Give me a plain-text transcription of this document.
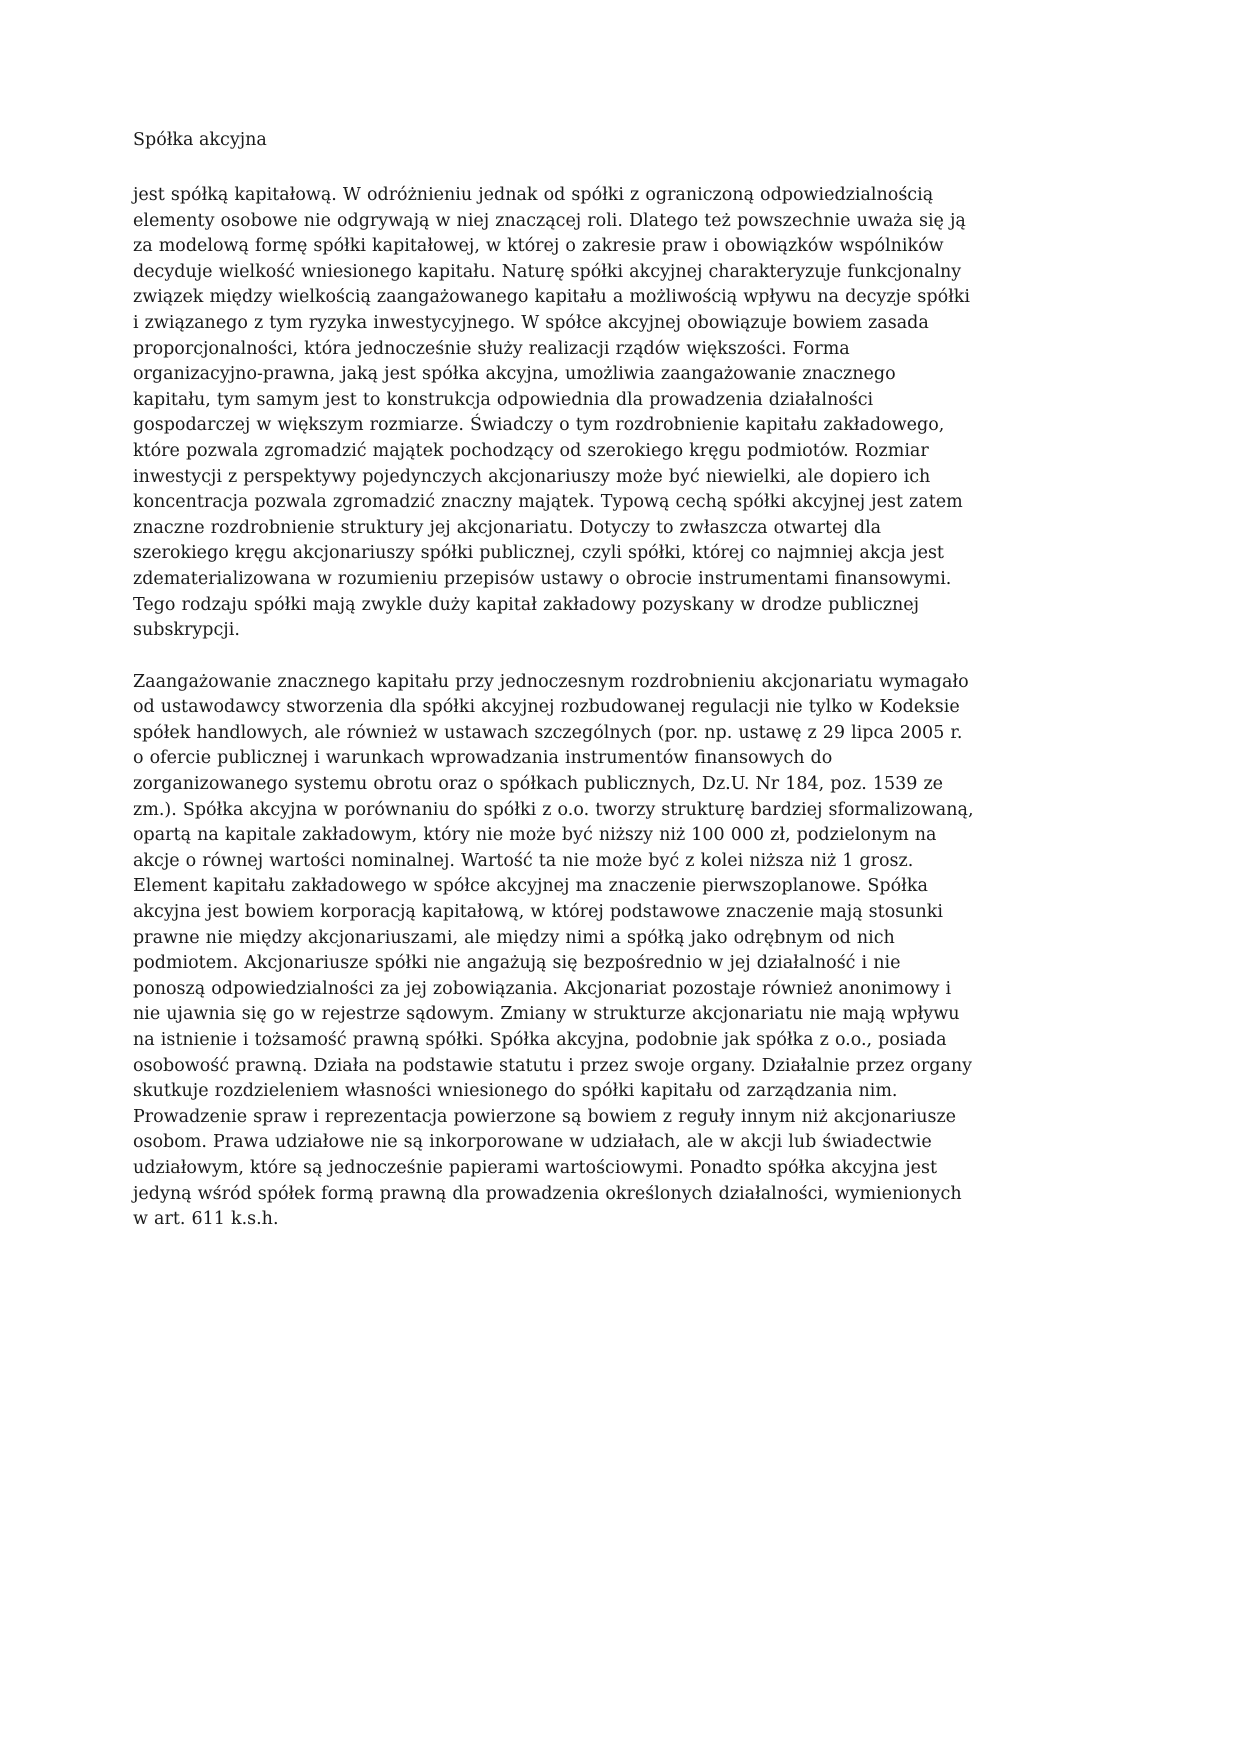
Spółka akcyjna

jest spółką kapitałową. W odróżnieniu jednak od spółki z ograniczoną odpowiedzialnością elementy osobowe nie odgrywają w niej znaczącej roli. Dlatego też powszechnie uważa się ją za modelową formę spółki kapitałowej, w której o zakresie praw i obowiązków wspólników decyduje wielkość wniesionego kapitału. Naturę spółki akcyjnej charakteryzuje funkcjonalny związek między wielkością zaangażowanego kapitału a możliwością wpływu na decyzje spółki i związanego z tym ryzyka inwestycyjnego. W spółce akcyjnej obowiązuje bowiem zasada proporcjonalności, która jednocześnie służy realizacji rządów większości. Forma organizacyjno-prawna, jaką jest spółka akcyjna, umożliwia zaangażowanie znacznego kapitału, tym samym jest to konstrukcja odpowiednia dla prowadzenia działalności gospodarczej w większym rozmiarze. Świadczy o tym rozdrobnienie kapitału zakładowego, które pozwala zgromadzić majątek pochodzący od szerokiego kręgu podmiotów. Rozmiar inwestycji z perspektywy pojedynczych akcjonariuszy może być niewielki, ale dopiero ich koncentracja pozwala zgromadzić znaczny majątek. Typową cechą spółki akcyjnej jest zatem znaczne rozdrobnienie struktury jej akcjonariatu. Dotyczy to zwłaszcza otwartej dla szerokiego kręgu akcjonariuszy spółki publicznej, czyli spółki, której co najmniej akcja jest zdematerializowana w rozumieniu przepisów ustawy o obrocie instrumentami finansowymi. Tego rodzaju spółki mają zwykle duży kapitał zakładowy pozyskany w drodze publicznej subskrypcji.

Zaangażowanie znacznego kapitału przy jednoczesnym rozdrobnieniu akcjonariatu wymagało od ustawodawcy stworzenia dla spółki akcyjnej rozbudowanej regulacji nie tylko w Kodeksie spółek handlowych, ale również w ustawach szczególnych (por. np. ustawę z 29 lipca 2005 r. o ofercie publicznej i warunkach wprowadzania instrumentów finansowych do zorganizowanego systemu obrotu oraz o spółkach publicznych, Dz.U. Nr 184, poz. 1539 ze zm.). Spółka akcyjna w porównaniu do spółki z o.o. tworzy strukturę bardziej sformalizowaną, opartą na kapitale zakładowym, który nie może być niższy niż 100 000 zł, podzielonym na akcje o równej wartości nominalnej. Wartość ta nie może być z kolei niższa niż 1 grosz. Element kapitału zakładowego w spółce akcyjnej ma znaczenie pierwszoplanowe. Spółka akcyjna jest bowiem korporacją kapitałową, w której podstawowe znaczenie mają stosunki prawne nie między akcjonariuszami, ale między nimi a spółką jako odrębnym od nich podmiotem. Akcjonariusze spółki nie angażują się bezpośrednio w jej działalność i nie ponoszą odpowiedzialności za jej zobowiązania. Akcjonariat pozostaje również anonimowy i nie ujawnia się go w rejestrze sądowym. Zmiany w strukturze akcjonariatu nie mają wpływu na istnienie i tożsamość prawną spółki. Spółka akcyjna, podobnie jak spółka z o.o., posiada osobowość prawną. Działa na podstawie statutu i przez swoje organy. Działalnie przez organy skutkuje rozdzieleniem własności wniesionego do spółki kapitału od zarządzania nim. Prowadzenie spraw i reprezentacja powierzone są bowiem z reguły innym niż akcjonariusze osobom. Prawa udziałowe nie są inkorporowane w udziałach, ale w akcji lub świadectwie udziałowym, które są jednocześnie papierami wartościowymi. Ponadto spółka akcyjna jest jedyną wśród spółek formą prawną dla prowadzenia określonych działalności, wymienionych w art. 611 k.s.h.
